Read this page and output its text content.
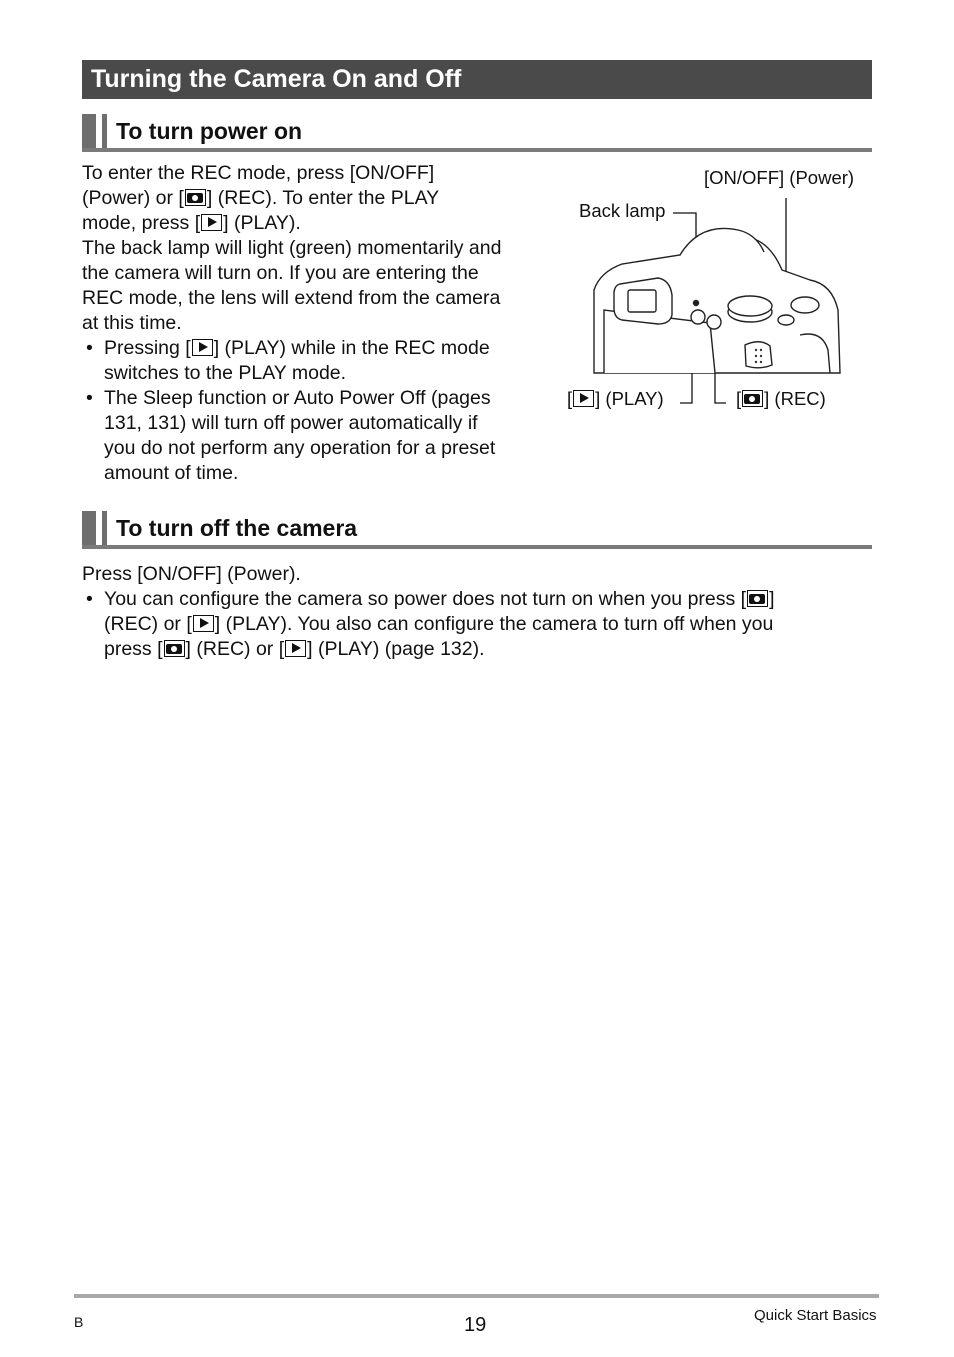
Turning the Camera On and Off
To turn power on

To enter the REC mode, press [ON/OFF]
(Power) or [ ] (REC). To enter the PLAY
mode, press [ ] (PLAY).

The back lamp will light (green) momentarily and
the camera will turn on. If you are entering the
REC mode, the lens will extend from the camera
at this time.

• Pressing [ ] (PLAY) while in the REC mode
switches to the PLAY mode.

• The Sleep function or Auto Power Off (pages
131, 131) will turn off power automatically if
you do not perform any operation for a preset
amount of time.

[ON/OFF] (Power)
Back lamp
[ ] (PLAY)	[ ] (REC)
To turn off the camera

Press [ON/OFF] (Power).

• You can configure the camera so power does not turn on when you press [ ]
(REC) or [ ] (PLAY). You also can configure the camera to turn off when you
press [ ] (REC) or [ ] (PLAY) (page 132).

B	19	Quick Start Basics
